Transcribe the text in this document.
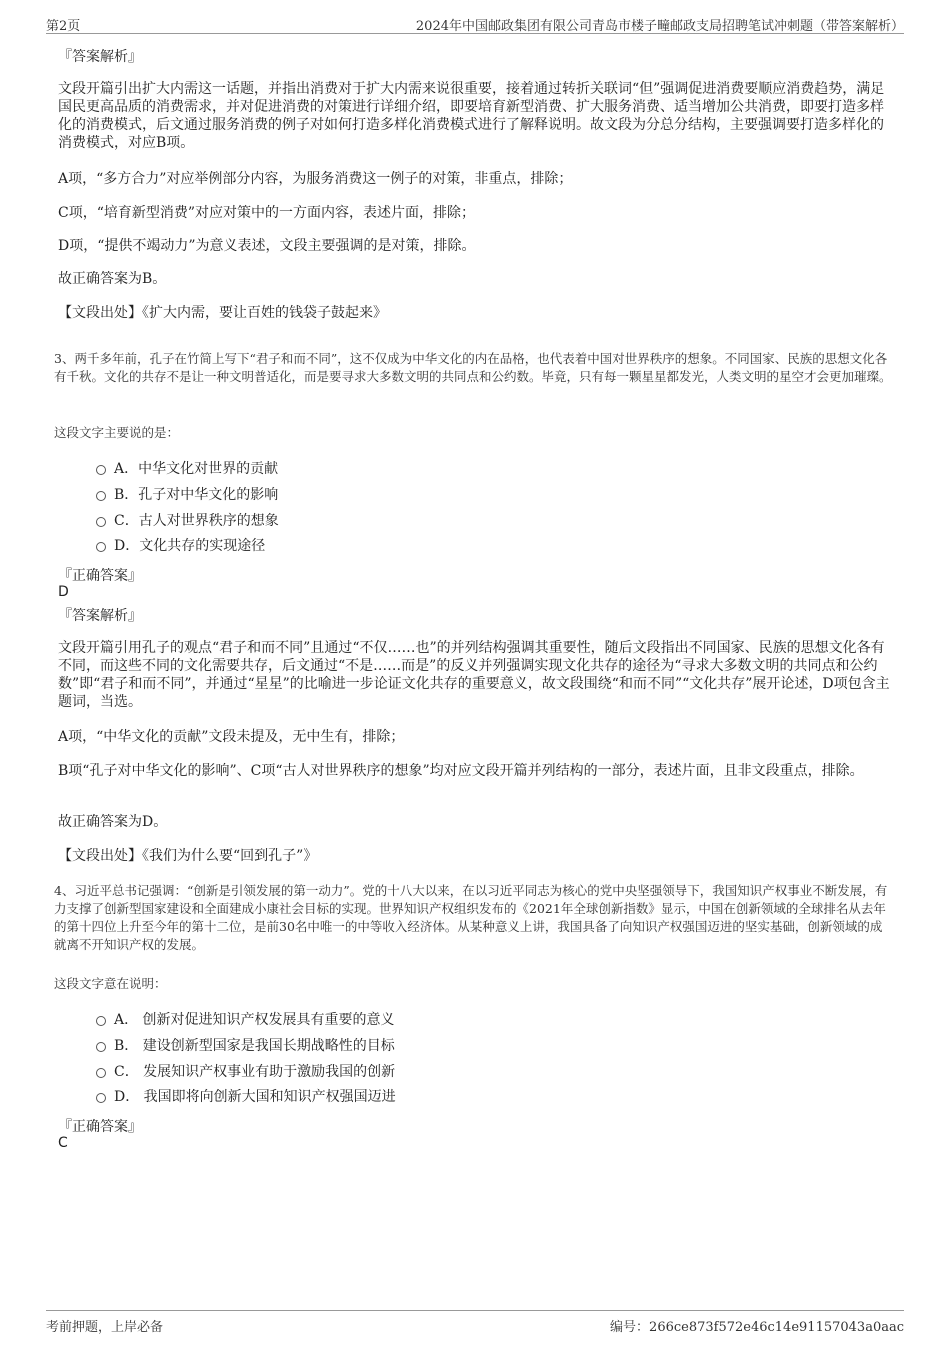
第2页	2024年中国邮政集团有限公司青岛市楼子疃邮政支局招聘笔试冲刺题（带答案解析）
『答案解析』
文段开篇引出扩大内需这一话题，并指出消费对于扩大内需来说很重要，接着通过转折关联词“但”强调促进消费要顺应消费趋势，满足国民更高品质的消费需求，并对促进消费的对策进行详细介绍，即要培育新型消费、扩大服务消费、适当增加公共消费，即要打造多样化的消费模式，后文通过服务消费的例子对如何打造多样化消费模式进行了解释说明。故文段为分总分结构，主要强调要打造多样化的消费模式，对应B项。
A项，“多方合力”对应举例部分内容，为服务消费这一例子的对策，非重点，排除；
C项，“培育新型消费”对应对策中的一方面内容，表述片面，排除；
D项，“提供不竭动力”为意义表述，文段主要强调的是对策，排除。
故正确答案为B。
【文段出处】《扩大内需，要让百姓的钱袋子鼓起来》
3、两千多年前，孔子在竹简上写下“君子和而不同”，这不仅成为中华文化的内在品格，也代表着中国对世界秩序的想象。不同国家、民族的思想文化各有千秋。文化的共存不是让一种文明普适化，而是要寻求大多数文明的共同点和公约数。毕竟，只有每一颗星星都发光，人类文明的星空才会更加璀璨。
这段文字主要说的是：
A．中华文化对世界的贡献
B．孔子对中华文化的影响
C．古人对世界秩序的想象
D．文化共存的实现途径
『正确答案』
D
『答案解析』
文段开篇引用孔子的观点“君子和而不同”且通过“不仅……也”的并列结构强调其重要性，随后文段指出不同国家、民族的思想文化各有不同，而这些不同的文化需要共存，后文通过“不是……而是”的反义并列强调实现文化共存的途径为“寻求大多数文明的共同点和公约数”即“君子和而不同”，并通过“星星”的比喻进一步论证文化共存的重要意义，故文段围绕“和而不同”“文化共存”展开论述，D项包含主题词，当选。
A项，“中华文化的贡献”文段未提及，无中生有，排除；
B项“孔子对中华文化的影响”、C项“古人对世界秩序的想象”均对应文段开篇并列结构的一部分，表述片面，且非文段重点，排除。
故正确答案为D。
【文段出处】《我们为什么要“回到孔子”》
4、习近平总书记强调：“创新是引领发展的第一动力”。党的十八大以来，在以习近平同志为核心的党中央坚强领导下，我国知识产权事业不断发展，有力支撑了创新型国家建设和全面建成小康社会目标的实现。世界知识产权组织发布的《2021年全球创新指数》显示，中国在创新领域的全球排名从去年的第十四位上升至今年的第十二位，是前30名中唯一的中等收入经济体。从某种意义上讲，我国具备了向知识产权强国迈进的坚实基础，创新领域的成就离不开知识产权的发展。
这段文字意在说明：
A． 创新对促进知识产权发展具有重要的意义
B． 建设创新型国家是我国长期战略性的目标
C． 发展知识产权事业有助于激励我国的创新
D． 我国即将向创新大国和知识产权强国迈进
『正确答案』
C
考前押题，上岸必备	编号：266ce873f572e46c14e91157043a0aac
